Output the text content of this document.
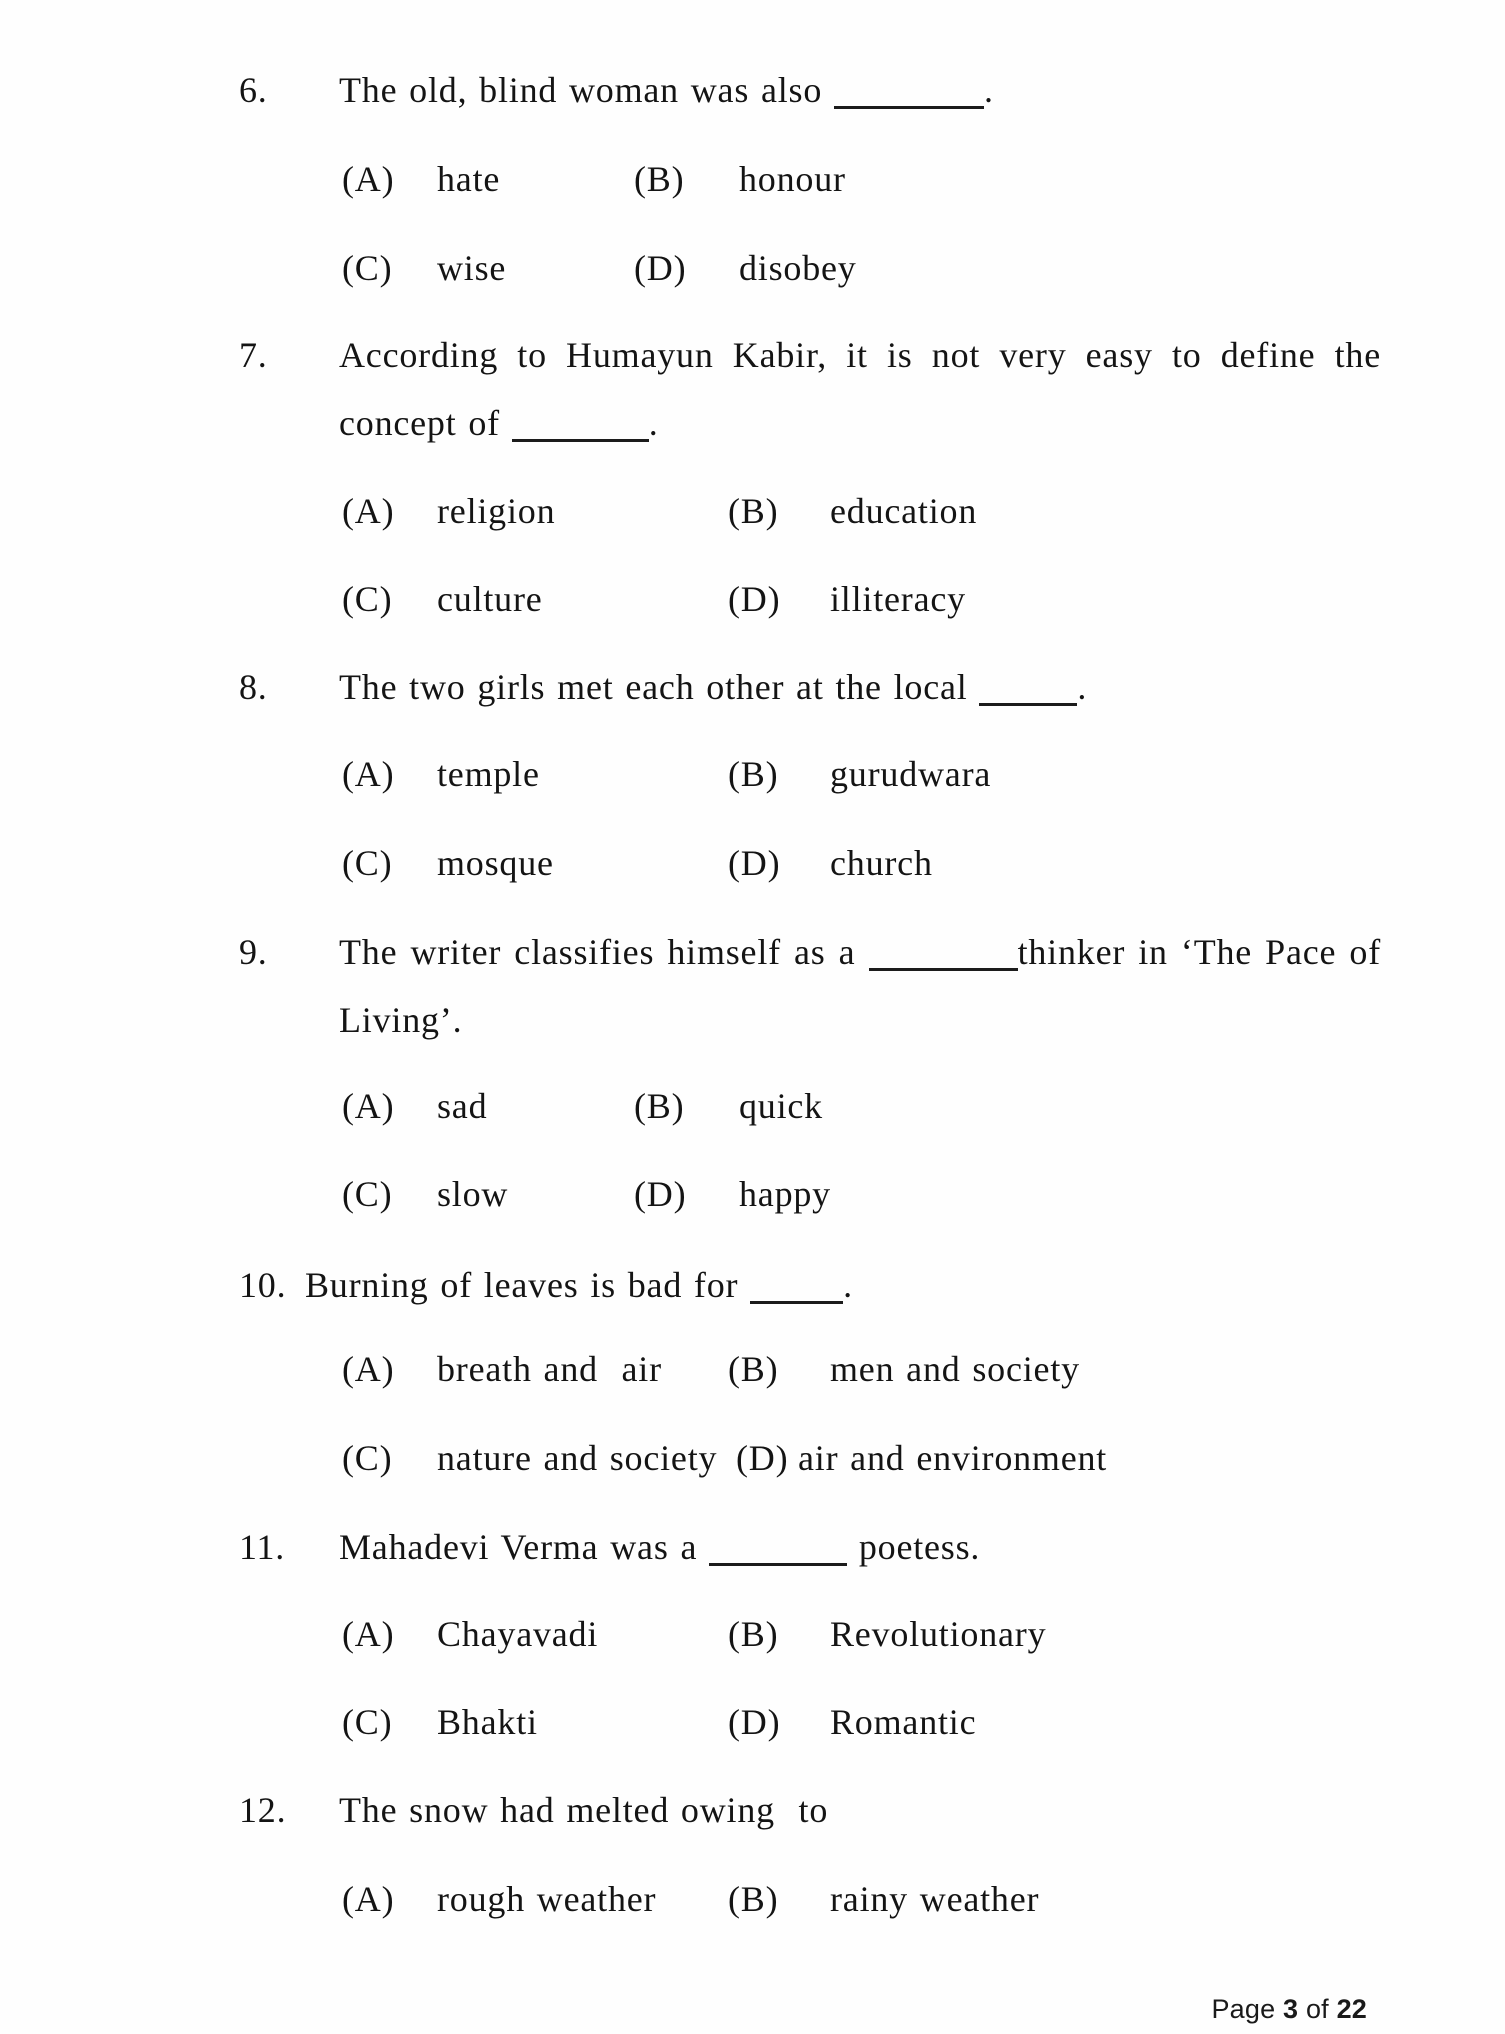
6. The old, blind woman was also	.
(A)	hate	(B)	honour
(C)	wise	(D)	disobey
7. According to Humayun Kabir, it is not very easy to define the
concept of	.
(A)	religion	(B)	education
(C)	culture	(D)	illiteracy
8. The two girls met each other at the local	.
(A)	temple	(B)	gurudwara
(C)	mosque	(D)	church
9. The writer classifies himself as a	thinker in ‘The Pace of
Living’.
(A)	sad	(B)	quick
(C)	slow	(D)	happy
10. Burning of leaves is bad for	.
(A)	breath and  air	(B)	men and society
(C)	nature and society (D) air and environment
11. Mahadevi Verma was a	poetess.
(A)	Chayavadi	(B)	Revolutionary
(C)	Bhakti	(D)	Romantic
12. The snow had melted owing  to
(A)	rough weather	(B)	rainy weather
Page 3 of 22
